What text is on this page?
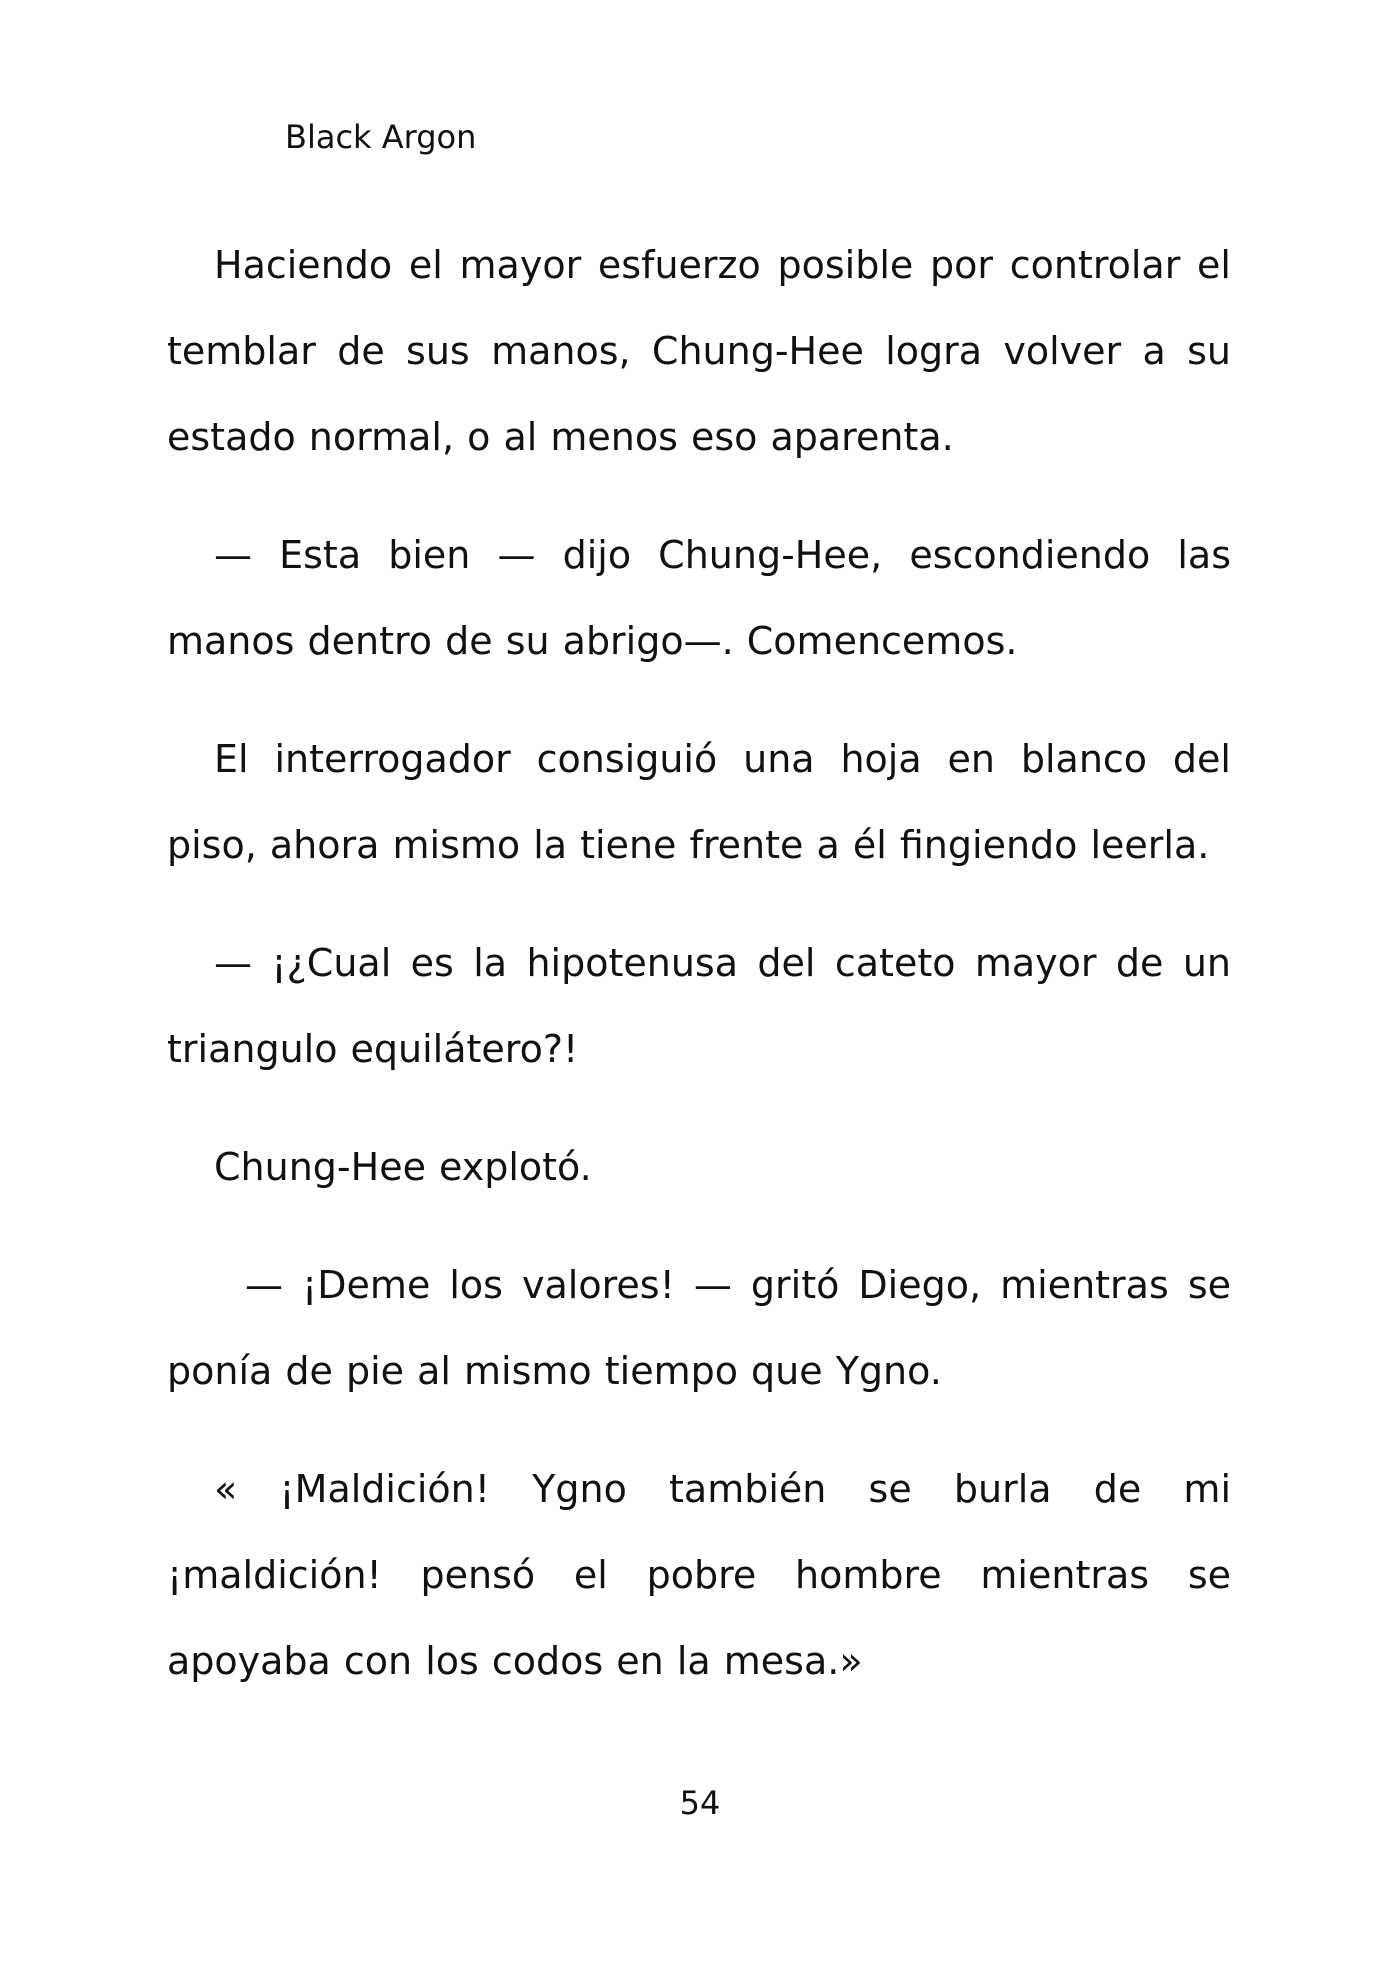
Black Argon

Haciendo el mayor esfuerzo posible por controlar el temblar de sus manos, Chung-Hee logra volver a su estado normal, o al menos eso aparenta.

— Esta bien — dijo Chung-Hee, escondiendo las manos dentro de su abrigo—. Comencemos.

El interrogador consiguió una hoja en blanco del piso, ahora mismo la tiene frente a él fingiendo leerla.

— ¡¿Cual es la hipotenusa del cateto mayor de un triangulo equilátero?!

Chung-Hee explotó.

— ¡Deme los valores! — gritó Diego, mientras se ponía de pie al mismo tiempo que Ygno.

« ¡Maldición! Ygno también se burla de mi ¡maldición! pensó el pobre hombre mientras se apoyaba con los codos en la mesa.»

54
